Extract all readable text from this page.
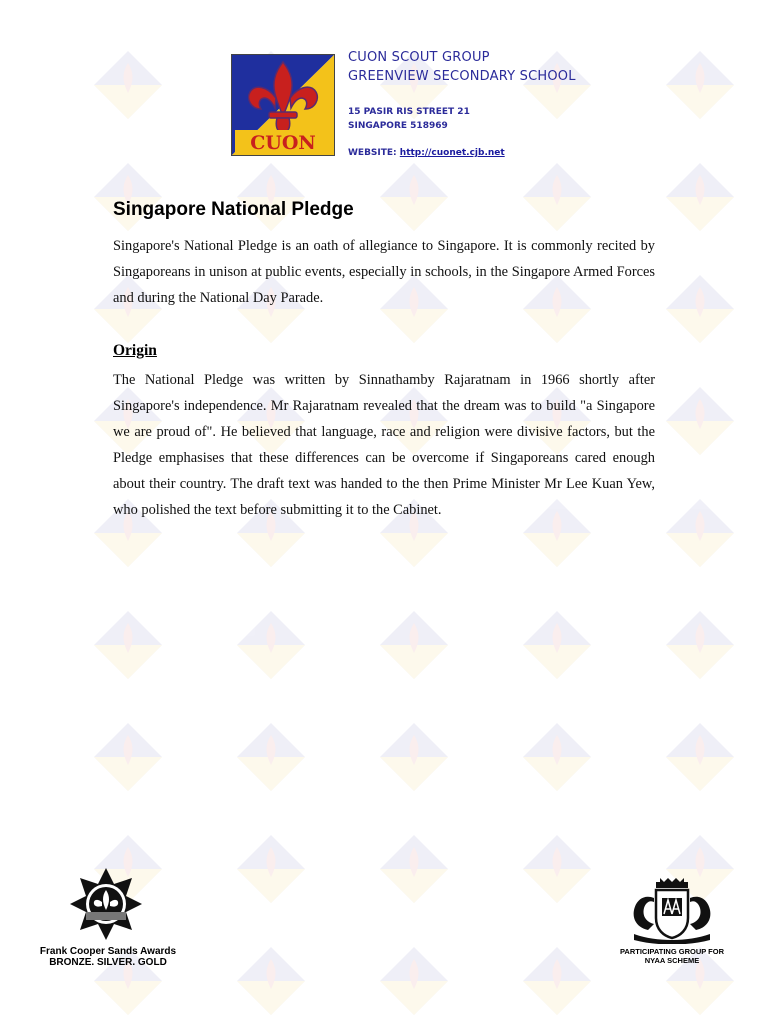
CUON
CUON SCOUT GROUP
GREENVIEW SECONDARY SCHOOL
15 PASIR RIS STREET 21
SINGAPORE 518969
WEBSITE: http://cuonet.cjb.net
Singapore National Pledge

Singapore's National Pledge is an oath of allegiance to Singapore. It is commonly recited by Singaporeans in unison at public events, especially in schools, in the Singapore Armed Forces and during the National Day Parade.

Origin

The National Pledge was written by Sinnathamby Rajaratnam in 1966 shortly after Singapore's independence. Mr Rajaratnam revealed that the dream was to build "a Singapore we are proud of". He believed that language, race and religion were divisive factors, but the Pledge emphasises that these differences can be overcome if Singaporeans cared enough about their country. The draft text was handed to the then Prime Minister Mr Lee Kuan Yew, who polished the text before submitting it to the Cabinet.

Frank Cooper Sands Awards
BRONZE. SILVER. GOLD
PARTICIPATING GROUP FOR
NYAA SCHEME
